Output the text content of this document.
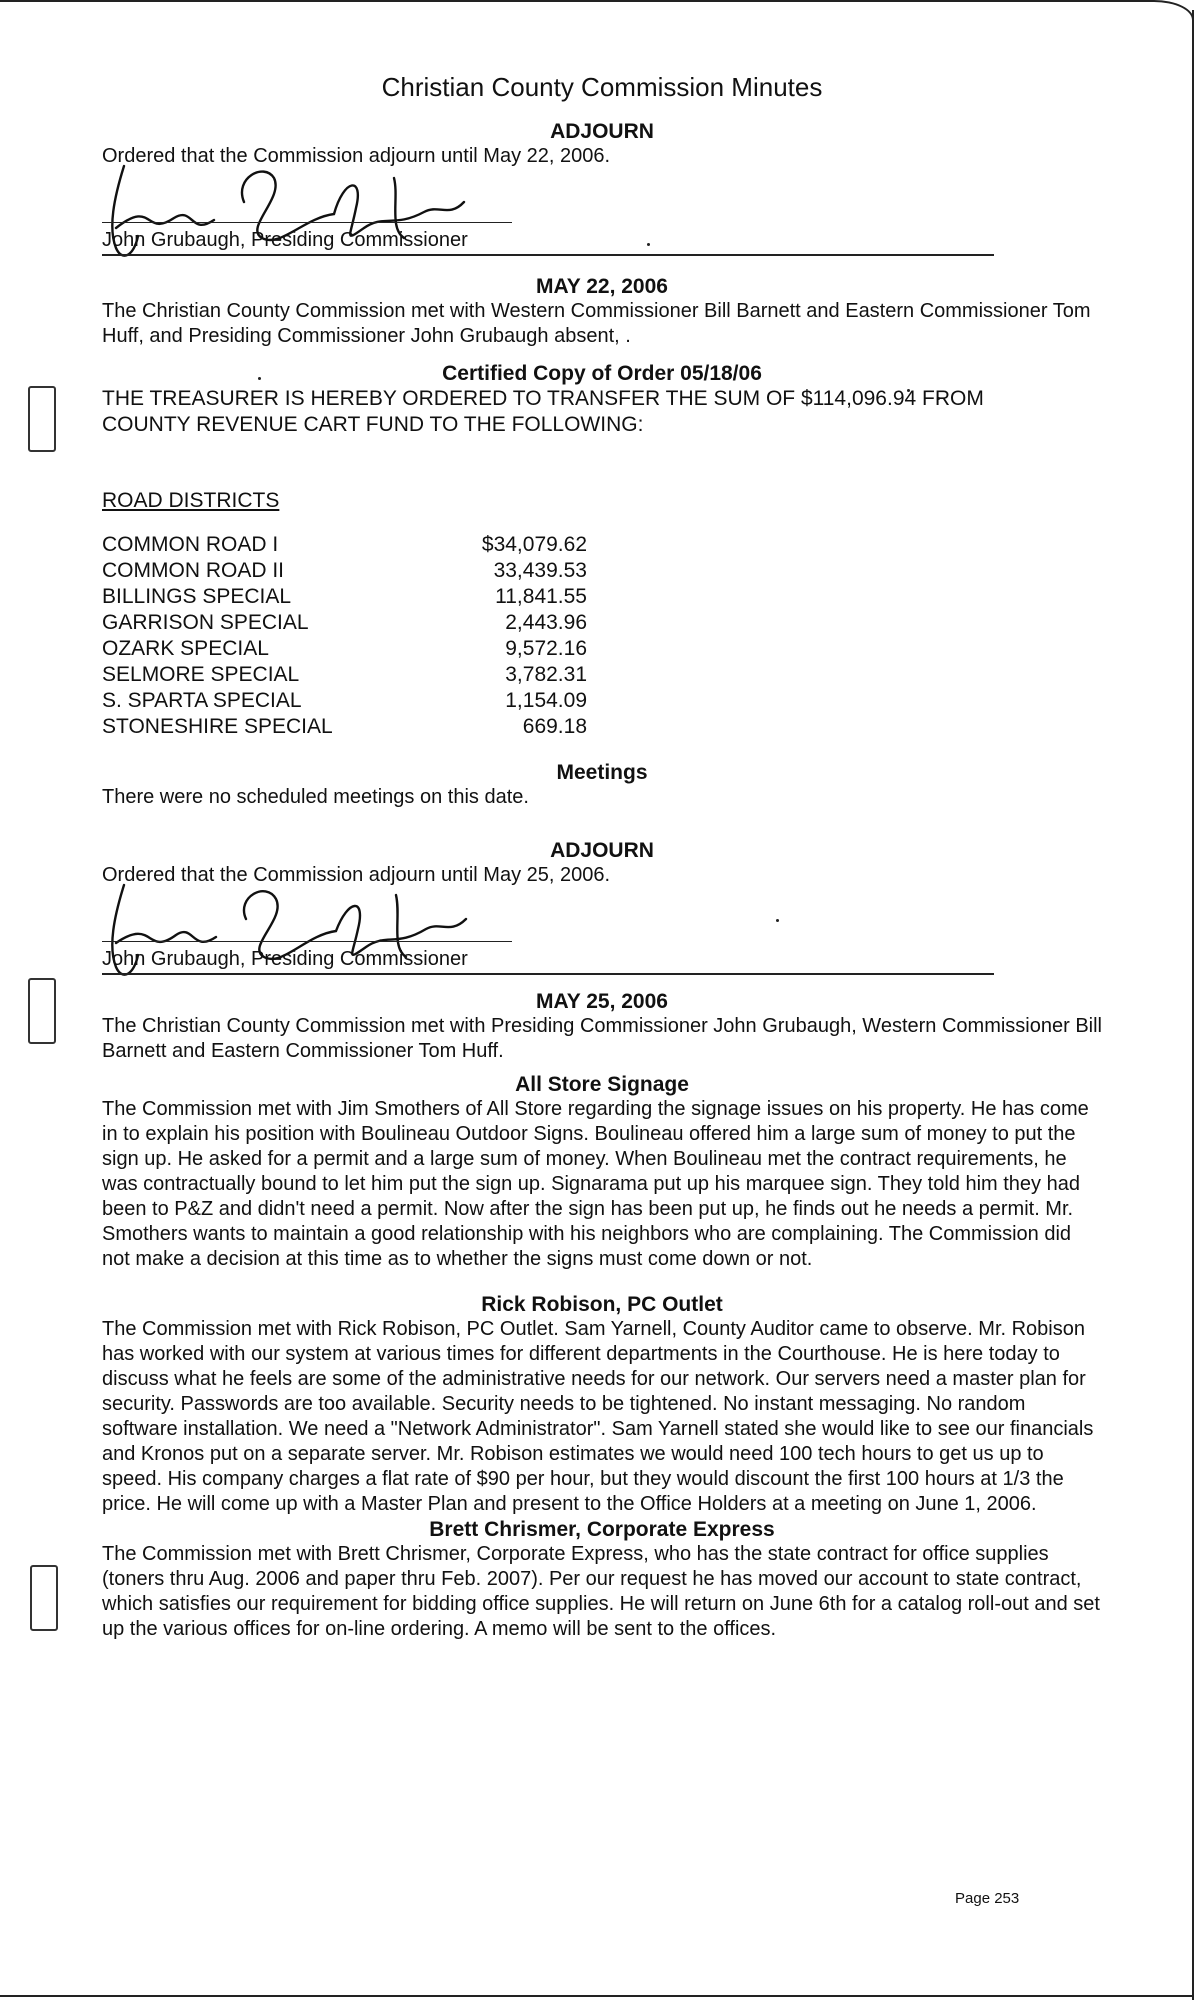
Christian County Commission Minutes
ADJOURN
Ordered that the Commission adjourn until May 22, 2006.
John Grubaugh, Presiding Commissioner
MAY 22, 2006

The Christian County Commission met with Western Commissioner Bill Barnett and Eastern Commissioner Tom Huff, and Presiding Commissioner John Grubaugh absent, .

Certified Copy of Order 05/18/06

THE TREASURER IS HEREBY ORDERED TO TRANSFER THE SUM OF $114,096.94 FROM COUNTY REVENUE CART FUND TO THE FOLLOWING:

ROAD DISTRICTS
COMMON ROAD I	$34,079.62
COMMON ROAD II	33,439.53
BILLINGS SPECIAL	11,841.55
GARRISON SPECIAL	2,443.96
OZARK SPECIAL	9,572.16
SELMORE SPECIAL	3,782.31
S. SPARTA SPECIAL	1,154.09
STONESHIRE SPECIAL	669.18
Meetings

There were no scheduled meetings on this date.

ADJOURN
Ordered that the Commission adjourn until May 25, 2006.
John Grubaugh, Presiding Commissioner
MAY 25, 2006

The Christian County Commission met with Presiding Commissioner John Grubaugh, Western Commissioner Bill Barnett and Eastern Commissioner Tom Huff.

All Store Signage

The Commission met with Jim Smothers of All Store regarding the signage issues on his property. He has come in to explain his position with Boulineau Outdoor Signs. Boulineau offered him a large sum of money to put the sign up. He asked for a permit and a large sum of money. When Boulineau met the contract requirements, he was contractually bound to let him put the sign up. Signarama put up his marquee sign. They told him they had been to P&Z and didn't need a permit. Now after the sign has been put up, he finds out he needs a permit. Mr. Smothers wants to maintain a good relationship with his neighbors who are complaining. The Commission did not make a decision at this time as to whether the signs must come down or not.

Rick Robison, PC Outlet

The Commission met with Rick Robison, PC Outlet. Sam Yarnell, County Auditor came to observe. Mr. Robison has worked with our system at various times for different departments in the Courthouse. He is here today to discuss what he feels are some of the administrative needs for our network. Our servers need a master plan for security. Passwords are too available. Security needs to be tightened. No instant messaging. No random software installation. We need a "Network Administrator". Sam Yarnell stated she would like to see our financials and Kronos put on a separate server. Mr. Robison estimates we would need 100 tech hours to get us up to speed. His company charges a flat rate of $90 per hour, but they would discount the first 100 hours at 1/3 the price. He will come up with a Master Plan and present to the Office Holders at a meeting on June 1, 2006.

Brett Chrismer, Corporate Express

The Commission met with Brett Chrismer, Corporate Express, who has the state contract for office supplies (toners thru Aug. 2006 and paper thru Feb. 2007). Per our request he has moved our account to state contract, which satisfies our requirement for bidding office supplies. He will return on June 6th for a catalog roll-out and set up the various offices for on-line ordering. A memo will be sent to the offices.

Page 253
